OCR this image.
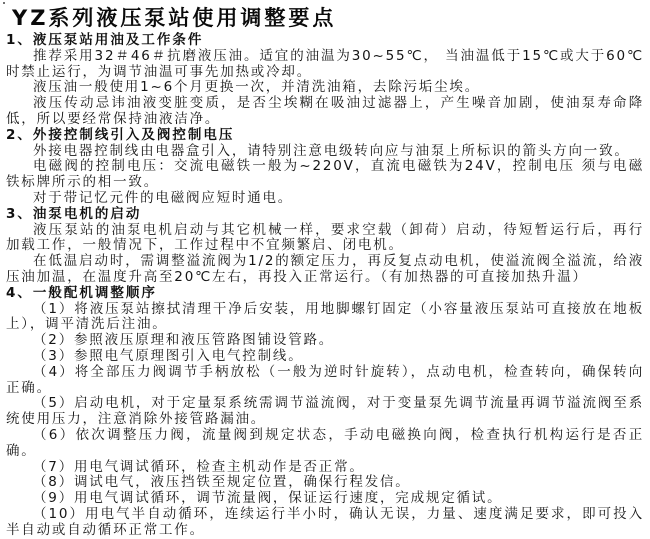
YZ系列液压泵站使用调整要点
1、液压泵站用油及工作条件

推荐采用32＃46＃抗磨液压油。适宜的油温为30~55℃， 当油温低于15℃或大于60℃时禁止运行，为调节油温可事先加热或冷却。

液压油一般使用1~6个月更换一次，并清洗油箱，去除污垢尘埃。

液压传动忌讳油液变脏变质，是否尘埃糊在吸油过滤器上，产生噪音加剧，使油泵寿命降低，所以要经常保持油液洁净。

2、外接控制线引入及阀控制电压

外接电器控制线由电器盒引入，请特别注意电级转向应与油泵上所标识的箭头方向一致。

电磁阀的控制电压：交流电磁铁一般为~220V，直流电磁铁为24V，控制电压 须与电磁铁标牌所示的相一致。

对于带记忆元件的电磁阀应短时通电。

3、油泵电机的启动

液压泵站的油泵电机启动与其它机械一样，要求空载（卸荷）启动，待短暂运行后，再行加载工作，一般情况下，工作过程中不宜频繁启、闭电机。

在低温启动时，需调整溢流阀为1/2的额定压力，再反复点动电机，使溢流阀全溢流，给液压油加温，在温度升高至20℃左右，再投入正常运行。（有加热器的可直接加热升温）

4、一般配机调整顺序

（1）将液压泵站擦拭清理干净后安装，用地脚螺钉固定（小容量液压泵站可直接放在地板上），调平清洗后注油。

（2）参照液压原理和液压管路图铺设管路。

（3）参照电气原理图引入电气控制线。

（4）将全部压力阀调节手柄放松（一般为逆时针旋转），点动电机，检查转向，确保转向正确。

（5）启动电机，对于定量泵系统需调节溢流阀，对于变量泵先调节流量再调节溢流阀至系统使用压力，注意消除外接管路漏油。

（6）依次调整压力阀，流量阀到规定状态，手动电磁换向阀，检查执行机构运行是否正确。

（7）用电气调试循环，检查主机动作是否正常。

（8）调试电气，液压挡铁至规定位置，确保行程发信。

（9）用电气调试循环，调节流量阀，保证运行速度，完成规定循试。

（10）用电气半自动循环，连续运行半小时，确认无误，力量、速度满足要求，即可投入半自动或自动循环正常工作。
